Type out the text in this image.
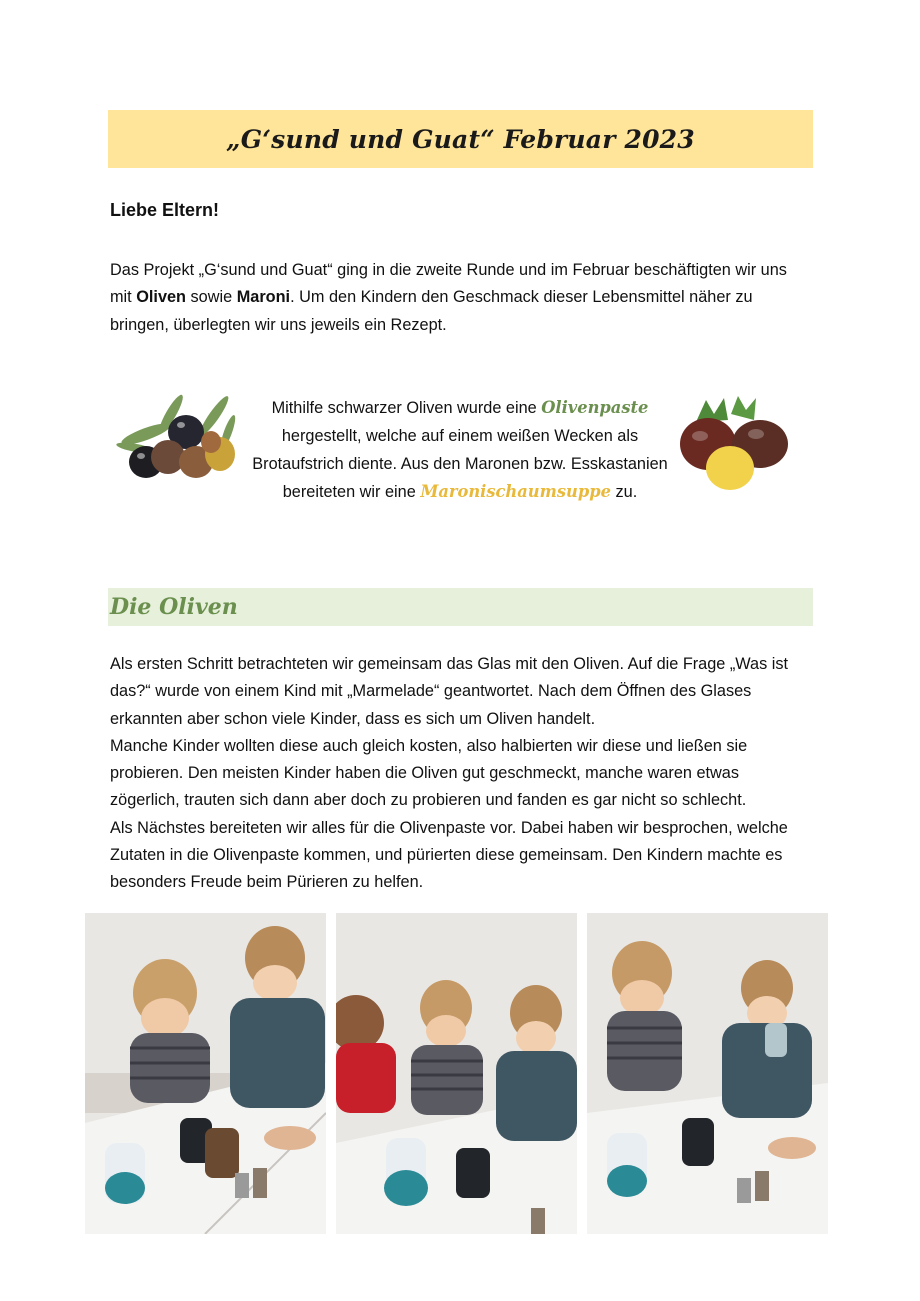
„G‘sund und Guat“ Februar 2023

Liebe Eltern!

Das Projekt „G‘sund und Guat“ ging in die zweite Runde und im Februar beschäftigten wir uns mit Oliven sowie Maroni. Um den Kindern den Geschmack dieser Lebensmittel näher zu bringen, überlegten wir uns jeweils ein Rezept.

Mithilfe schwarzer Oliven wurde eine Olivenpaste hergestellt, welche auf einem weißen Wecken als Brotaufstrich diente. Aus den Maronen bzw. Esskastanien bereiteten wir eine Maronischaumsuppe zu.

Die Oliven
Als ersten Schritt betrachteten wir gemeinsam das Glas mit den Oliven. Auf die Frage „Was ist das?“ wurde von einem Kind mit „Marmelade“ geantwortet. Nach dem Öffnen des Glases erkannten aber schon viele Kinder, dass es sich um Oliven handelt.
Manche Kinder wollten diese auch gleich kosten, also halbierten wir diese und ließen sie probieren. Den meisten Kinder haben die Oliven gut geschmeckt, manche waren etwas zögerlich, trauten sich dann aber doch zu probieren und fanden es gar nicht so schlecht.
Als Nächstes bereiteten wir alles für die Olivenpaste vor. Dabei haben wir besprochen, welche Zutaten in die Olivenpaste kommen, und pürierten diese gemeinsam. Den Kindern machte es besonders Freude beim Pürieren zu helfen.
